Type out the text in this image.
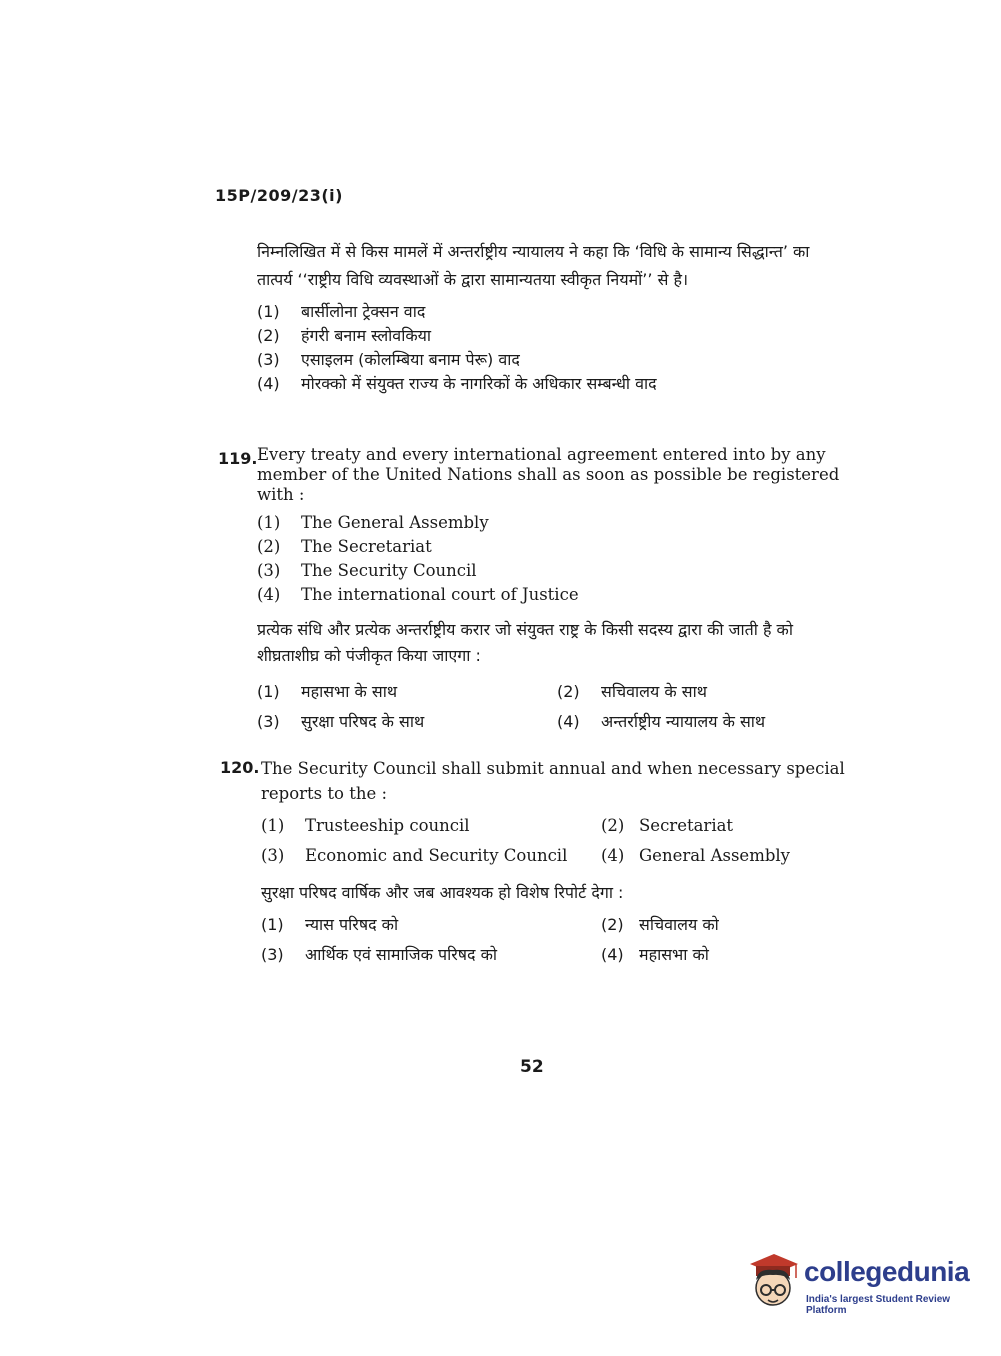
15P/209/23(i)

निम्नलिखित में से किस मामलें में अन्तर्राष्ट्रीय न्यायालय ने कहा कि ‘विधि के सामान्य सिद्धान्त’ का तात्पर्य ‘‘राष्ट्रीय विधि व्यवस्थाओं के द्वारा सामान्यतया स्वीकृत नियमों’’ से है।

(1)	बार्सीलोना ट्रेक्सन वाद
(2)	हंगरी बनाम स्लोवकिया
(3)	एसाइलम (कोलम्बिया बनाम पेरू) वाद
(4)	मोरक्को में संयुक्त राज्य के नागरिकों के अधिकार सम्बन्धी वाद
119. Every treaty and every international agreement entered into by any member of the United Nations shall as soon as possible be registered with :

(1)	The General Assembly
(2)	The Secretariat
(3)	The Security Council
(4)	The international court of Justice

प्रत्येक संधि और प्रत्येक अन्तर्राष्ट्रीय करार जो संयुक्त राष्ट्र के किसी सदस्य द्वारा की जाती है को शीघ्रताशीघ्र को पंजीकृत किया जाएगा :

(1)	महासभा के साथ	(2)	सचिवालय के साथ
(3)	सुरक्षा परिषद के साथ	(4)	अन्तर्राष्ट्रीय न्यायालय के साथ
120. The Security Council shall submit annual and when necessary special reports to the :

(1)	Trusteeship council	(2) Secretariat
(3)	Economic and Security Council (4) General Assembly

सुरक्षा परिषद वार्षिक और जब आवश्यक हो विशेष रिपोर्ट देगा :

(1)	न्यास परिषद को	(2) सचिवालय को
(3)	आर्थिक एवं सामाजिक परिषद को	(4) महासभा को
52
collegedunia
India's largest Student Review Platform
